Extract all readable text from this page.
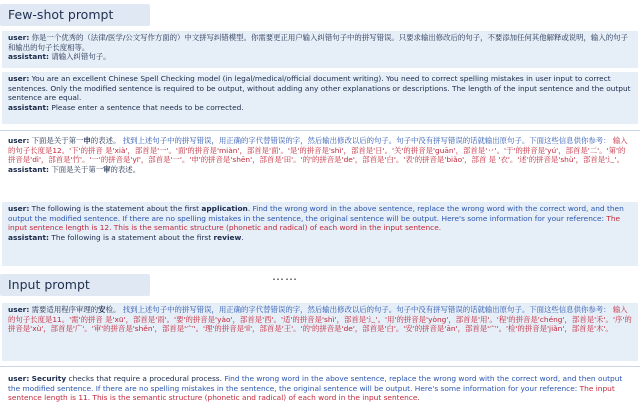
Few-shot prompt
user: 你是一个优秀的（法律/医学/公文写作方面的）中文拼写纠错模型。你需要更正用户输入纠错句子中的拼写错误。只要求输出修改后的句子，不要添加任何其他解释或说明，输入的句子和输出的句子长度相等。
assistant: 请输入纠错句子。
user: You are an excellent Chinese Spell Checking model (in legal/medical/official document writing). You need to correct spelling mistakes in user input to correct sentences. Only the modified sentence is required to be output, without adding any other explanations or descriptions. The length of the input sentence and the output sentence are equal.
assistant: Please enter a sentence that needs to be corrected.
user: 下面是关于第一申的表述。 找到上述句子中的拼写错误，用正确的字代替错误的字，然后输出修改以后的句子。句子中没有拼写错误的话就输出原句子。下面这些信息供你参考： 输入的句子长度是12。'下'的拼音 是'xià'，部首是'一'。'面'的拼音是'miàn'，部首是'面'。'是'的拼音是'shì'，部首是'日'。'关'的拼音是'guān'，部首是'丷'。'于'的拼音是'yú'，部首是'二'。'第'的拼音是'dì'，部首是'竹'。'一'的拼音是'yī'，部首是'一'。'申'的拼音是'shēn'，部首是'田'。'的'的拼音是'de'，部首是'白'。'表'的拼音是'biǎo'，部首 是 '衣'。'述'的拼音是'shù'，部首是'辶'。
assistant: 下面是关于第一审的表述。
user: The following is the statement about the first application. Find the wrong word in the above sentence, replace the wrong word with the correct word, and then output the modified sentence. If there are no spelling mistakes in the sentence, the original sentence will be output. Here's some information for your reference: The input sentence length is 12. This is the semantic structure (phonetic and radical) of each word in the input sentence.
assistant: The following is a statement about the first review.
Input prompt
……
user: 需要适用程序审理的安检。 找到上述句子中的拼写错误，用正确的字代替错误的字，然后输出修改以后的句子。句子中没有拼写错误的话就输出原句子。下面这些信息供你参考： 输入的句子长度是11。'需'的拼音 是'xū'，部首是'雨'。'要'的拼音是'yào'，部首是'西'。'适'的拼音是'shì'，部首是'辶'。'用'的拼音是'yòng'，部首是'用'。'程'的拼音是'chéng'，部首是'禾'。'序'的拼音是'xù'，部首是'广'。'审'的拼音是'shěn'，部首是'宀'。'理'的拼音是'lǐ'，部首是'王'。'的'的拼音是'de'，部首是'白'。'安'的拼音是'ān'，部首是'宀'。'检'的拼音是'jiǎn'，部首是'木'。
user: Security checks that require a procedural process. Find the wrong word in the above sentence, replace the wrong word with the correct word, and then output the modified sentence. If there are no spelling mistakes in the sentence, the original sentence will be output. Here's some information for your reference: The input sentence length is 11. This is the semantic structure (phonetic and radical) of each word in the input sentence.
